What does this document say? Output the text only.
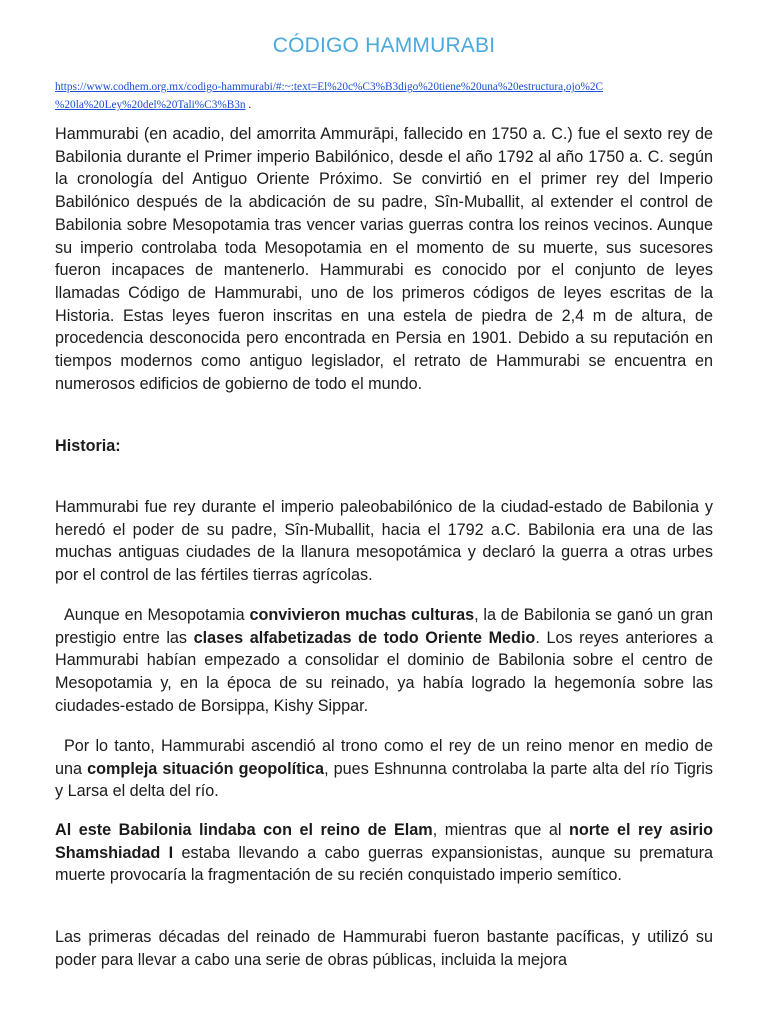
CÓDIGO HAMMURABI
https://www.codhem.org.mx/codigo-hammurabi/#:~:text=El%20c%C3%B3digo%20tiene%20una%20estructura,ojo%2C
%20la%20Ley%20del%20Tali%C3%B3n .

Hammurabi (en acadio, del amorrita Ammurāpi, fallecido en 1750 a. C.) fue el sexto rey de Babilonia durante el Primer imperio Babilónico, desde el año 1792 al año 1750 a. C. según la cronología del Antiguo Oriente Próximo. Se convirtió en el primer rey del Imperio Babilónico después de la abdicación de su padre, Sîn-Muballit, al extender el control de Babilonia sobre Mesopotamia tras vencer varias guerras contra los reinos vecinos. Aunque su imperio controlaba toda Mesopotamia en el momento de su muerte, sus sucesores fueron incapaces de mantenerlo. Hammurabi es conocido por el conjunto de leyes llamadas Código de Hammurabi, uno de los primeros códigos de leyes escritas de la Historia. Estas leyes fueron inscritas en una estela de piedra de 2,4 m de altura, de procedencia desconocida pero encontrada en Persia en 1901. Debido a su reputación en tiempos modernos como antiguo legislador, el retrato de Hammurabi se encuentra en numerosos edificios de gobierno de todo el mundo.

Historia:

Hammurabi fue rey durante el imperio paleobabilónico de la ciudad-estado de Babilonia y heredó el poder de su padre, Sîn-Muballit, hacia el 1792 a.C. Babilonia era una de las muchas antiguas ciudades de la llanura mesopotámica y declaró la guerra a otras urbes por el control de las fértiles tierras agrícolas.

Aunque en Mesopotamia convivieron muchas culturas, la de Babilonia se ganó un gran prestigio entre las clases alfabetizadas de todo Oriente Medio. Los reyes anteriores a Hammurabi habían empezado a consolidar el dominio de Babilonia sobre el centro de Mesopotamia y, en la época de su reinado, ya había logrado la hegemonía sobre las ciudades-estado de Borsippa, Kishy Sippar.

Por lo tanto, Hammurabi ascendió al trono como el rey de un reino menor en medio de una compleja situación geopolítica, pues Eshnunna controlaba la parte alta del río Tigris y Larsa el delta del río.

Al este Babilonia lindaba con el reino de Elam, mientras que al norte el rey asirio Shamshiadad I estaba llevando a cabo guerras expansionistas, aunque su prematura muerte provocaría la fragmentación de su recién conquistado imperio semítico.

Las primeras décadas del reinado de Hammurabi fueron bastante pacíficas, y utilizó su poder para llevar a cabo una serie de obras públicas, incluida la mejora
